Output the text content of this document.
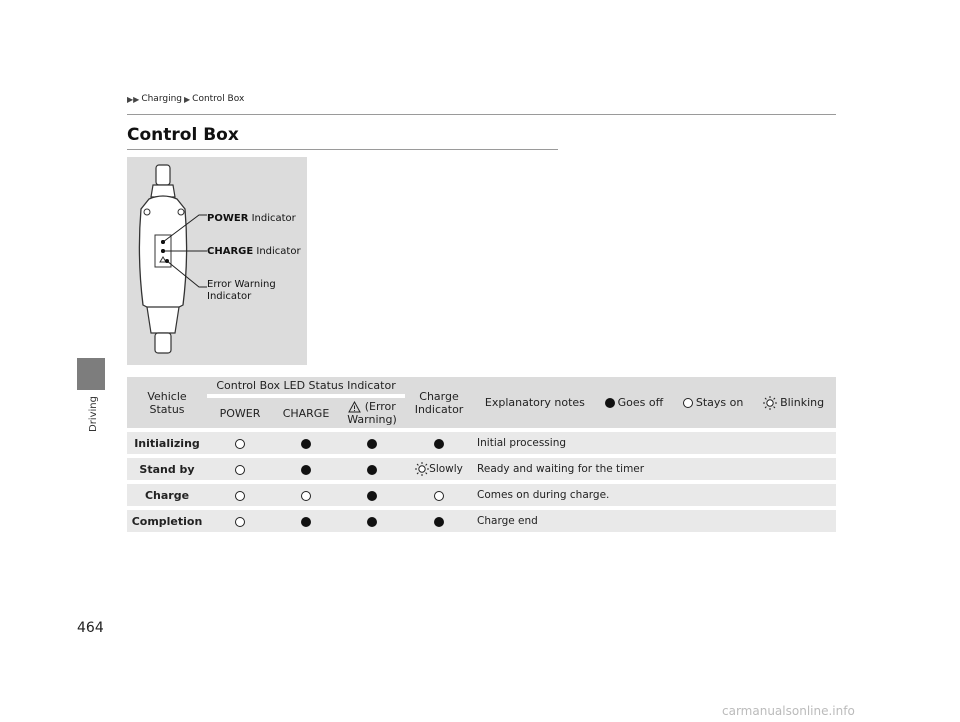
▶▶ Charging ▶ Control Box
Control Box
Driving
POWER Indicator
CHARGE Indicator
Error Warning Indicator
Vehicle Status	Control Box LED Status Indicator			Charge Indicator	Explanatory notes Goes off Stays on Blinking

	POWER	CHARGE	(Error Warning)		
Initializing					Initial processing
Stand by				Slowly	Ready and waiting for the timer
Charge					Comes on during charge.
Completion					Charge end
464
carmanualsonline.info
